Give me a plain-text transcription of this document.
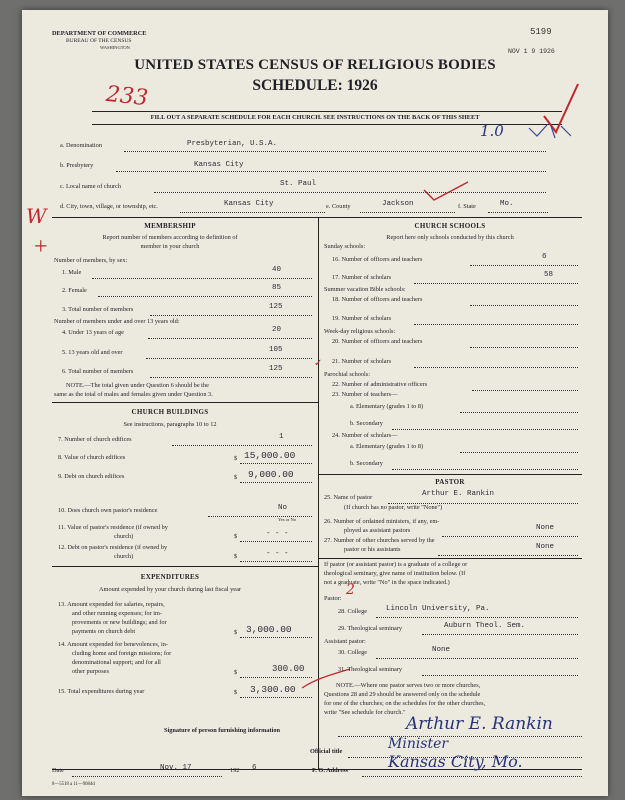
DEPARTMENT OF COMMERCE
BUREAU OF THE CENSUS
WASHINGTON
UNITED STATES CENSUS OF RELIGIOUS BODIES
SCHEDULE: 1926
FILL OUT A SEPARATE SCHEDULE FOR EACH CHURCH. SEE INSTRUCTIONS ON THE BACK OF THIS SHEET
5199
NOV 1 9 1926
233
1.0
a. Denomination	Presbyterian, U.S.A.
b. Presbytery	Kansas City
c. Local name of church	St. Paul
d. City, town, village, or township, etc.	Kansas City	e. County	Jackson	f. State	Mo.
W
+
MEMBERSHIP
Report number of members according to definition of
member in your church
Number of members, by sex:
1. Male	40
2. Female	85
3. Total number of members	125
Number of members under and over 13 years old:
4. Under 13 years of age	20
5. 13 years old and over	105
6. Total number of members	125	✓
NOTE.—The total given under Question 6 should be the
same as the total of males and females given under Question 3.
CHURCH BUILDINGS
See instructions, paragraphs 10 to 12
7. Number of church edifices	1
8. Value of church edifices	$ 15,000.00
9. Debt on church edifices	$ 9,000.00
10. Does church own pastor's residence	No
Yes or No
11. Value of pastor's residence (if owned by
church)	$	- - -
12. Debt on pastor's residence (if owned by
church)	$	- - -
EXPENDITURES
Amount expended by your church during last fiscal year
13. Amount expended for salaries, repairs,
and other running expenses; for im-
provements or new buildings; and for
payments on church debt	$ 3,000.00
14. Amount expended for benevolences, in-
cluding home and foreign missions; for
denominational support; and for all
other purposes	$	300.00
15. Total expenditures during year	$ 3,300.00
CHURCH SCHOOLS
Report here only schools conducted by this church
Sunday schools:
16. Number of officers and teachers	6
17. Number of scholars	58
Summer vacation Bible schools:
18. Number of officers and teachers
19. Number of scholars
Week-day religious schools:
20. Number of officers and teachers
21. Number of scholars
Parochial schools:
22. Number of administrative officers
23. Number of teachers—
a. Elementary (grades 1 to 8)
b. Secondary
24. Number of scholars—
a. Elementary (grades 1 to 8)
b. Secondary
PASTOR
25. Name of pastor	Arthur E. Rankin
(If church has no pastor, write "None")
26. Number of ordained ministers, if any, em-
ployed as assistant pastors	None
27. Number of other churches served by the
pastor or his assistants	None
If pastor (or assistant pastor) is a graduate of a college or
theological seminary, give name of institution below. (If
not a graduate, write "No" in the space indicated.)
Pastor:
2
28. College	Lincoln University, Pa.
29. Theological seminary	Auburn Theol. Sem.
Assistant pastor:
30. College	None
31. Theological seminary
NOTE.—Where one pastor serves two or more churches,
Questions 28 and 29 should be answered only on the schedule
for one of the churches; on the schedules for the other churches,
write "See schedule for church."
Signature of person furnishing information	Arthur E. Rankin
Official title	Minister
Date	Nov. 17	192 6	P. O. Address Kansas City, Mo.
8—5518 a 11—9084d
